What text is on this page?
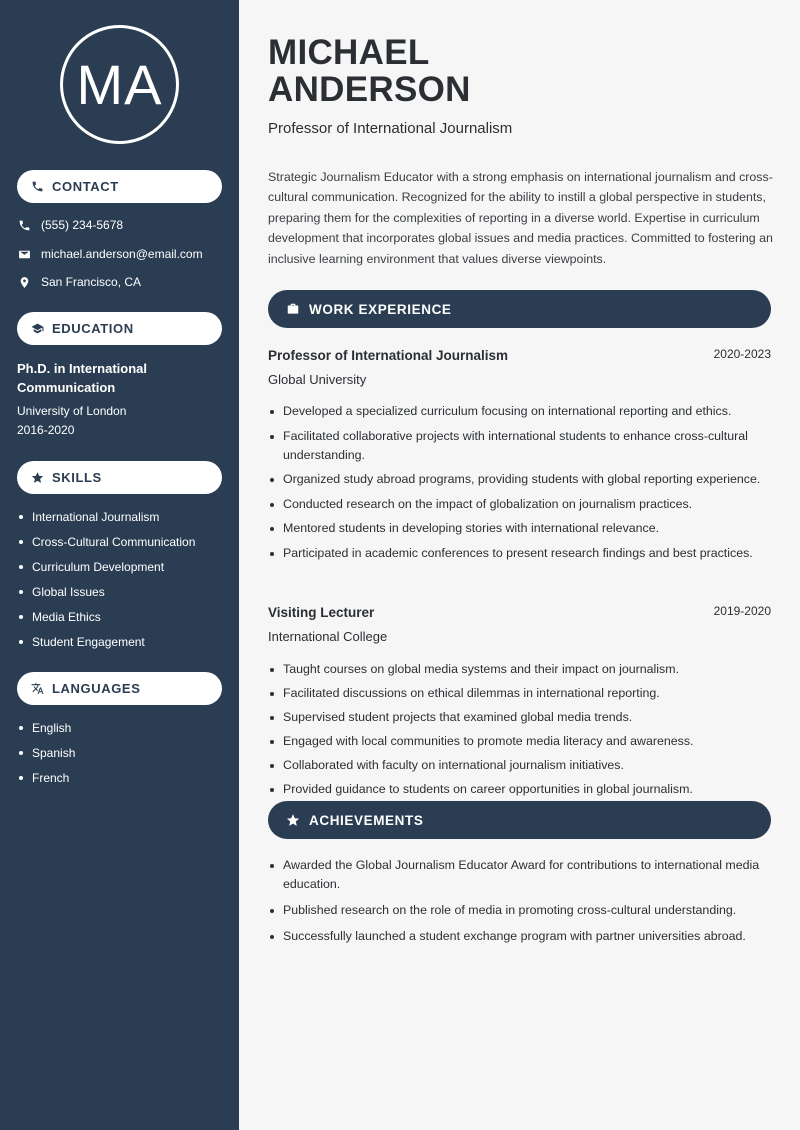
MA
CONTACT
(555) 234-5678
michael.anderson@email.com
San Francisco, CA
EDUCATION
Ph.D. in International Communication
University of London
2016-2020
SKILLS
International Journalism
Cross-Cultural Communication
Curriculum Development
Global Issues
Media Ethics
Student Engagement
LANGUAGES
English
Spanish
French
MICHAEL
ANDERSON
Professor of International Journalism

Strategic Journalism Educator with a strong emphasis on international journalism and cross-cultural communication. Recognized for the ability to instill a global perspective in students, preparing them for the complexities of reporting in a diverse world. Expertise in curriculum development that incorporates global issues and media practices. Committed to fostering an inclusive learning environment that values diverse viewpoints.

WORK EXPERIENCE
Professor of International Journalism	2020-2023
Global University
Developed a specialized curriculum focusing on international reporting and ethics.
Facilitated collaborative projects with international students to enhance cross-cultural understanding.
Organized study abroad programs, providing students with global reporting experience.
Conducted research on the impact of globalization on journalism practices.
Mentored students in developing stories with international relevance.
Participated in academic conferences to present research findings and best practices.
Visiting Lecturer	2019-2020
International College
Taught courses on global media systems and their impact on journalism.
Facilitated discussions on ethical dilemmas in international reporting.
Supervised student projects that examined global media trends.
Engaged with local communities to promote media literacy and awareness.
Collaborated with faculty on international journalism initiatives.
Provided guidance to students on career opportunities in global journalism.
ACHIEVEMENTS
Awarded the Global Journalism Educator Award for contributions to international media education.
Published research on the role of media in promoting cross-cultural understanding.
Successfully launched a student exchange program with partner universities abroad.
